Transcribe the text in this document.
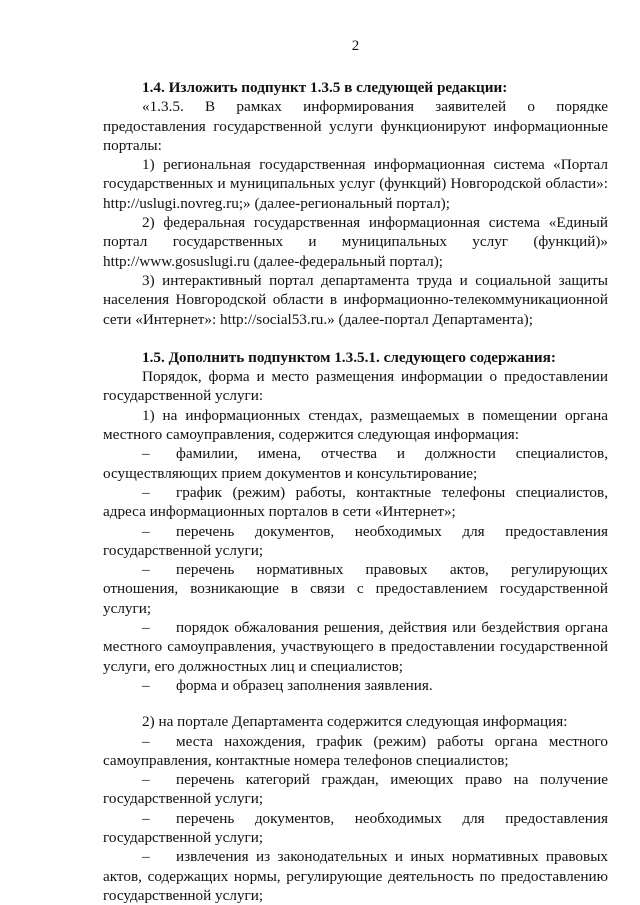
2

1.4. Изложить подпункт 1.3.5 в следующей редакции:

«1.3.5. В рамках информирования заявителей о порядке предоставления государственной услуги функционируют информационные порталы:

1) региональная государственная информационная система «Портал государственных и муниципальных услуг (функций) Новгородской области»: http://uslugi.novreg.ru;» (далее-региональный портал);

2) федеральная государственная информационная система «Единый портал государственных и муниципальных услуг (функций)» http://www.gosuslugi.ru (далее-федеральный портал);

3) интерактивный портал департамента труда и социальной защиты населения Новгородской области в информационно-телекоммуникационной сети «Интернет»: http://social53.ru.» (далее-портал Департамента);

1.5. Дополнить подпунктом 1.3.5.1. следующего содержания:

Порядок, форма и место размещения информации о предоставлении государственной услуги:

1) на информационных стендах, размещаемых в помещении органа местного самоуправления, содержится следующая информация:

– фамилии, имена, отчества и должности специалистов, осуществляющих прием документов и консультирование;

– график (режим) работы, контактные телефоны специалистов, адреса информационных порталов в сети «Интернет»;

– перечень документов, необходимых для предоставления государственной услуги;

– перечень нормативных правовых актов, регулирующих отношения, возникающие в связи с предоставлением государственной услуги;

– порядок обжалования решения, действия или бездействия органа местного самоуправления, участвующего в предоставлении государственной услуги, его должностных лиц и специалистов;

– форма и образец заполнения заявления.

2) на портале Департамента содержится следующая информация:

– места нахождения, график (режим) работы органа местного самоуправления, контактные номера телефонов специалистов;

– перечень категорий граждан, имеющих право на получение государственной услуги;

– перечень документов, необходимых для предоставления государственной услуги;

– извлечения из законодательных и иных нормативных правовых актов, содержащих нормы, регулирующие деятельность по предоставлению государственной услуги;
